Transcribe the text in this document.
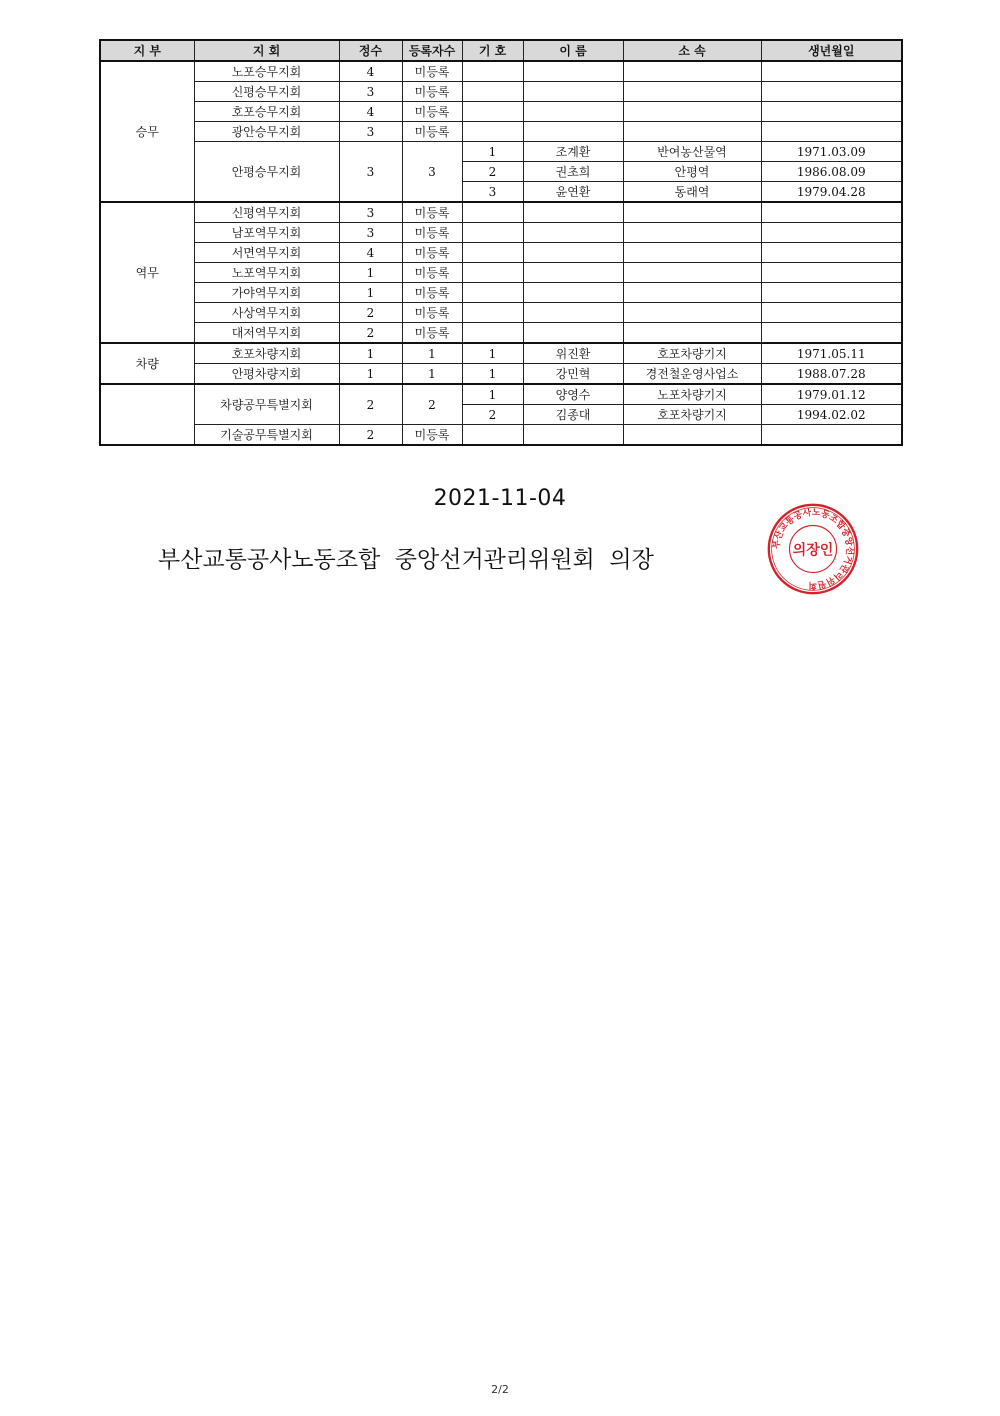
지 부	지 회	정수	등록자수	기 호	이 름	소 속	생년월일
승무	노포승무지회	4	미등록				
	신평승무지회	3	미등록				
	호포승무지회	4	미등록				
	광안승무지회	3	미등록				
	안평승무지회	3	3	1	조계환	반여농산물역	1971.03.09
				2	권초희	안평역	1986.08.09
				3	윤연환	동래역	1979.04.28
역무	신평역무지회	3	미등록				
	남포역무지회	3	미등록				
	서면역무지회	4	미등록				
	노포역무지회	1	미등록				
	가야역무지회	1	미등록				
	사상역무지회	2	미등록				
	대저역무지회	2	미등록				
차량	호포차량지회	1	1	1	위진환	호포차량기지	1971.05.11
	안평차량지회	1	1	1	강민혁	경전철운영사업소	1988.07.28
	차량공무특별지회	2	2	1	양영수	노포차량기지	1979.01.12
				2	김종대	호포차량기지	1994.02.02
	기술공무특별지회	2	미등록				
2021-11-04
부산교통공사노동조합  중앙선거관리위원회  의장
부산교통공사노동조합중앙선거관리위원회
의장인
2/2
